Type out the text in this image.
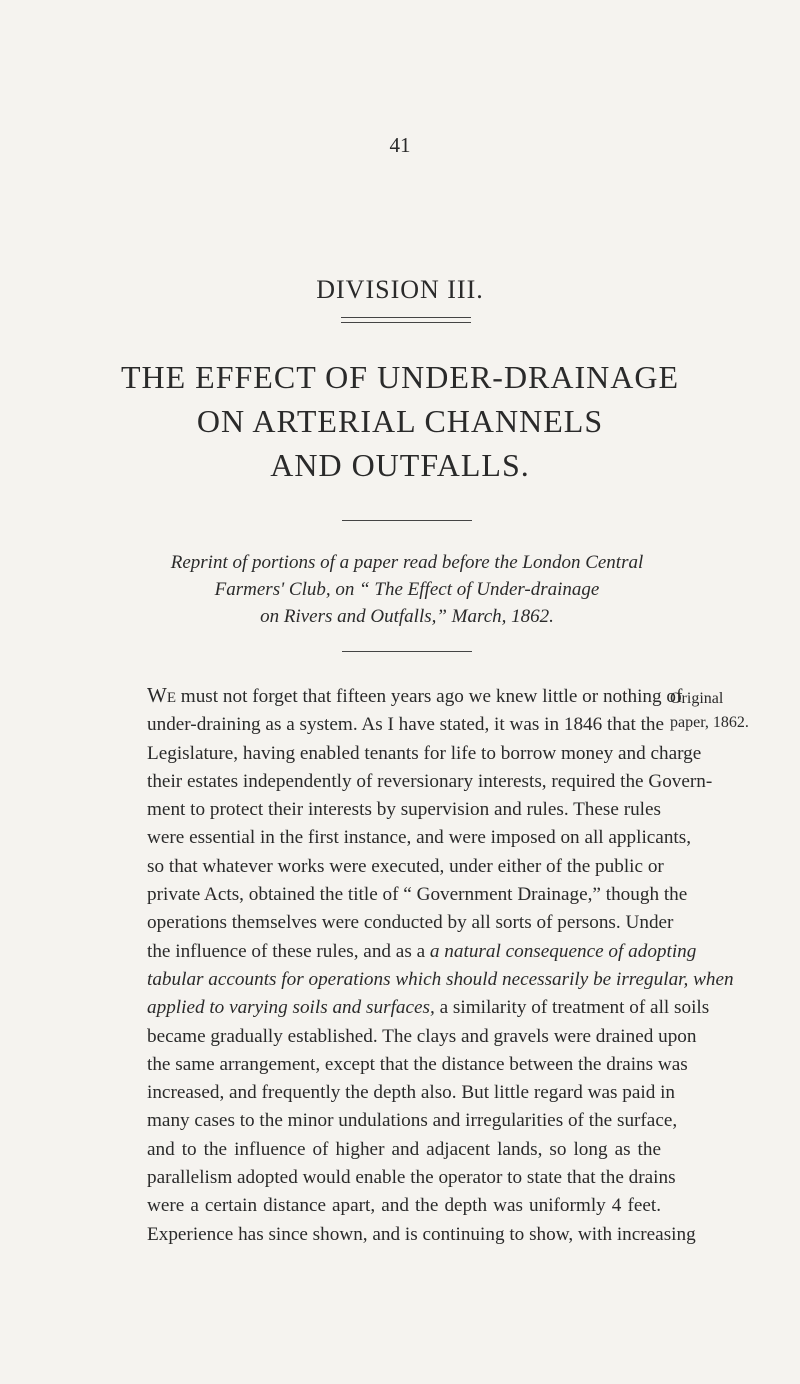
41
DIVISION III.
THE EFFECT OF UNDER-DRAINAGE
ON ARTERIAL CHANNELS
AND OUTFALLS.
Reprint of portions of a paper read before the London Central
Farmers' Club, on “ The Effect of Under-drainage
on Rivers and Outfalls,” March, 1862.
We must not forget that fifteen years ago we knew little or nothing of
under-draining as a system. As I have stated, it was in 1846 that the
Legislature, having enabled tenants for life to borrow money and charge
their estates independently of reversionary interests, required the Govern-
ment to protect their interests by supervision and rules. These rules
were essential in the first instance, and were imposed on all applicants,
so that whatever works were executed, under either of the public or
private Acts, obtained the title of “ Government Drainage,” though the
operations themselves were conducted by all sorts of persons. Under
the influence of these rules, and as a a natural consequence of adopting
tabular accounts for operations which should necessarily be irregular, when
applied to varying soils and surfaces, a similarity of treatment of all soils
became gradually established. The clays and gravels were drained upon
the same arrangement, except that the distance between the drains was
increased, and frequently the depth also. But little regard was paid in
many cases to the minor undulations and irregularities of the surface,
and to the influence of higher and adjacent lands, so long as the
parallelism adopted would enable the operator to state that the drains
were a certain distance apart, and the depth was uniformly 4 feet.
Experience has since shown, and is continuing to show, with increasing
Original
paper, 1862.
